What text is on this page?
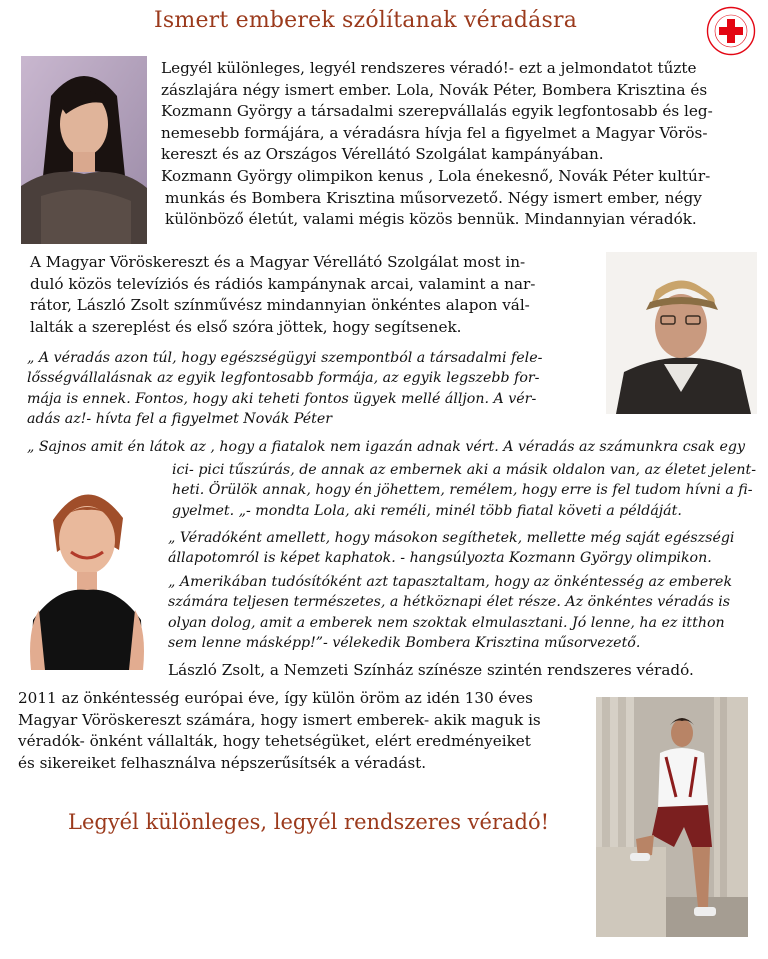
Ismert emberek szólítanak véradásra
Legyél különleges, legyél rendszeres véradó!- ezt a jelmondatot tűzte
zászlajára négy ismert ember. Lola, Novák Péter, Bombera Krisztina és
Kozmann György a társadalmi szerepvállalás egyik legfontosabb és leg-
nemesebb formájára, a véradásra hívja fel a figyelmet a Magyar Vörös-
kereszt és az Országos Vérellátó Szolgálat kampányában.
Kozmann György olimpikon kenus , Lola énekesnő, Novák Péter kultúr-
munkás és Bombera Krisztina műsorvezető. Négy ismert ember, négy
különböző életút, valami mégis közös bennük. Mindannyian véradók.
A Magyar Vöröskereszt és a Magyar Vérellátó Szolgálat most in-
duló közös televíziós és rádiós kampánynak arcai, valamint a nar-
rátor, László Zsolt színművész mindannyian önkéntes alapon vál-
lalták a szereplést és első szóra jöttek, hogy segítsenek.
„ A véradás azon túl, hogy egészségügyi szempontból a társadalmi fele-
lősségvállalásnak az egyik legfontosabb formája, az egyik legszebb for-
mája is ennek. Fontos, hogy aki teheti fontos ügyek mellé álljon. A vér-
adás az!- hívta fel a figyelmet Novák Péter
„ Sajnos amit én látok az , hogy a fiatalok nem igazán adnak vért. A véradás az számunkra csak egy
ici- pici tűszúrás, de annak az embernek aki a másik oldalon van, az életet jelent-
heti. Örülök annak, hogy én jöhettem, remélem, hogy erre is fel tudom hívni a fi-
gyelmet. „- mondta Lola, aki reméli, minél több fiatal követi a példáját.
„ Véradóként amellett, hogy másokon segíthetek, mellette még saját egészségi
állapotomról is képet kaphatok. - hangsúlyozta Kozmann György olimpikon.
„ Amerikában tudósítóként azt tapasztaltam, hogy az önkéntesség az emberek
számára teljesen természetes, a hétköznapi élet része. Az önkéntes véradás is
olyan dolog, amit a emberek nem szoktak elmulasztani. Jó lenne, ha ez itthon
sem lenne másképp!”- vélekedik Bombera Krisztina műsorvezető.
László Zsolt, a Nemzeti Színház színésze szintén rendszeres véradó.
2011 az önkéntesség európai éve, így külön öröm az idén 130 éves
Magyar Vöröskereszt számára, hogy ismert emberek- akik maguk is
véradók- önként vállalták, hogy tehetségüket, elért eredményeiket
és sikereiket felhasználva népszerűsítsék a véradást.
Legyél különleges, legyél rendszeres véradó!
